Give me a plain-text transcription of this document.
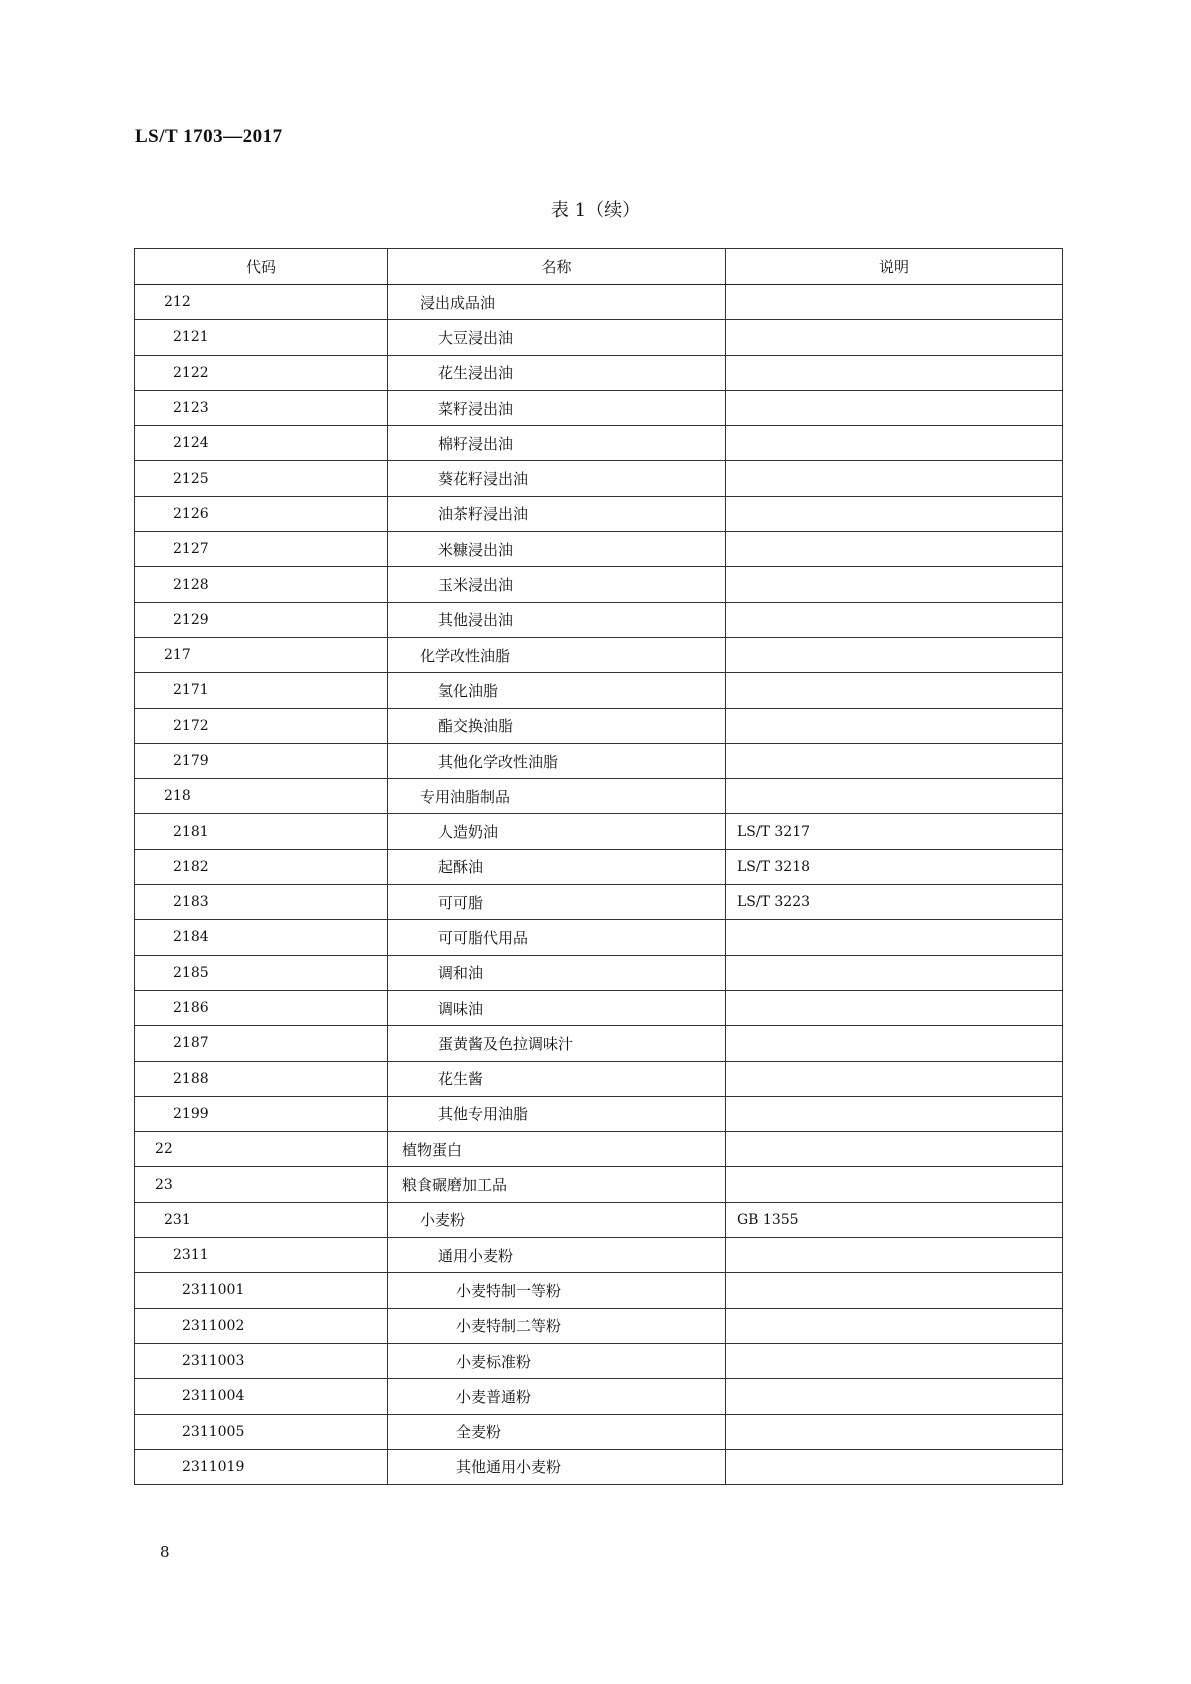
LS/T 1703—2017
表 1（续）
代码	名称	说明
212	浸出成品油	
2121	大豆浸出油	
2122	花生浸出油	
2123	菜籽浸出油	
2124	棉籽浸出油	
2125	葵花籽浸出油	
2126	油茶籽浸出油	
2127	米糠浸出油	
2128	玉米浸出油	
2129	其他浸出油	
217	化学改性油脂	
2171	氢化油脂	
2172	酯交换油脂	
2179	其他化学改性油脂	
218	专用油脂制品	
2181	人造奶油	LS/T 3217
2182	起酥油	LS/T 3218
2183	可可脂	LS/T 3223
2184	可可脂代用品	
2185	调和油	
2186	调味油	
2187	蛋黄酱及色拉调味汁	
2188	花生酱	
2199	其他专用油脂	
22	植物蛋白	
23	粮食碾磨加工品	
231	小麦粉	GB 1355
2311	通用小麦粉	
2311001	小麦特制一等粉	
2311002	小麦特制二等粉	
2311003	小麦标准粉	
2311004	小麦普通粉	
2311005	全麦粉	
2311019	其他通用小麦粉	
8
